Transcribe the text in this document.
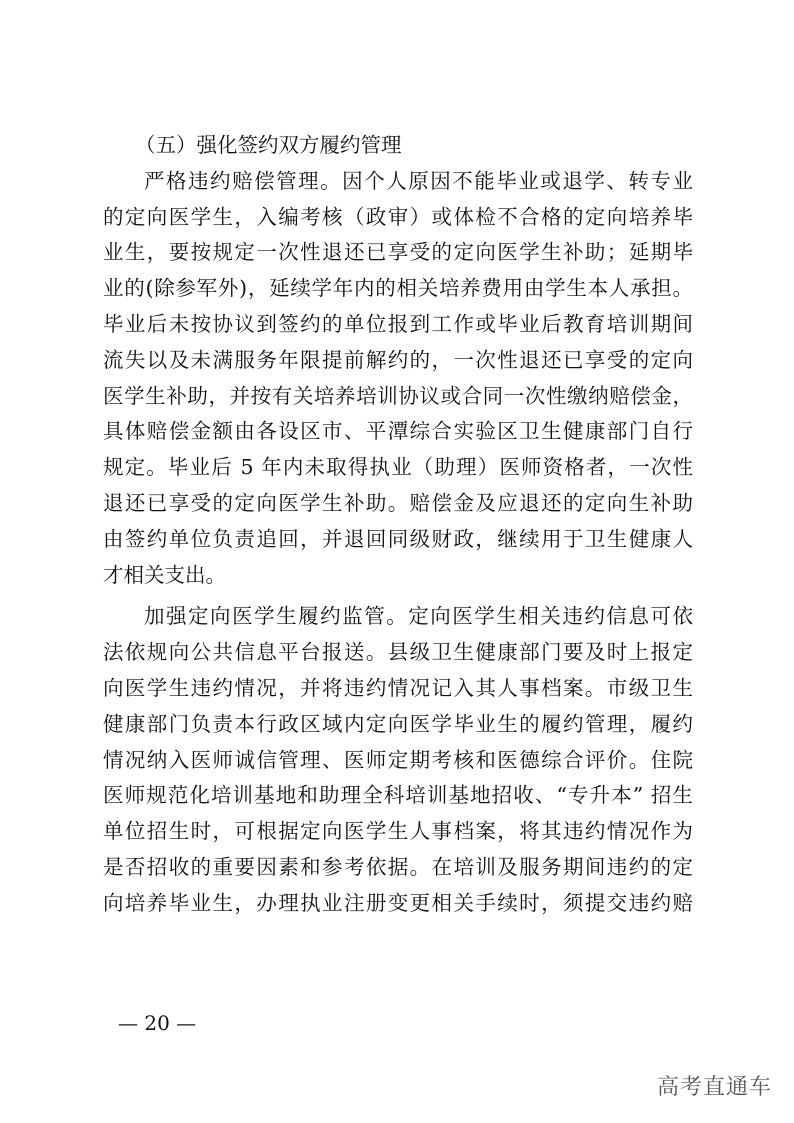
（五）强化签约双方履约管理
严格违约赔偿管理。因个人原因不能毕业或退学、转专业
的定向医学生，入编考核（政审）或体检不合格的定向培养毕
业生，要按规定一次性退还已享受的定向医学生补助；延期毕
业的(除参军外)，延续学年内的相关培养费用由学生本人承担。
毕业后未按协议到签约的单位报到工作或毕业后教育培训期间
流失以及未满服务年限提前解约的，一次性退还已享受的定向
医学生补助，并按有关培养培训协议或合同一次性缴纳赔偿金，
具体赔偿金额由各设区市、平潭综合实验区卫生健康部门自行
规定。毕业后 5 年内未取得执业（助理）医师资格者，一次性
退还已享受的定向医学生补助。赔偿金及应退还的定向生补助
由签约单位负责追回，并退回同级财政，继续用于卫生健康人
才相关支出。
加强定向医学生履约监管。定向医学生相关违约信息可依
法依规向公共信息平台报送。县级卫生健康部门要及时上报定
向医学生违约情况，并将违约情况记入其人事档案。市级卫生
健康部门负责本行政区域内定向医学毕业生的履约管理，履约
情况纳入医师诚信管理、医师定期考核和医德综合评价。住院
医师规范化培训基地和助理全科培训基地招收、“专升本” 招生
单位招生时，可根据定向医学生人事档案，将其违约情况作为
是否招收的重要因素和参考依据。在培训及服务期间违约的定
向培养毕业生，办理执业注册变更相关手续时，须提交违约赔
— 20 —
高考直通车
